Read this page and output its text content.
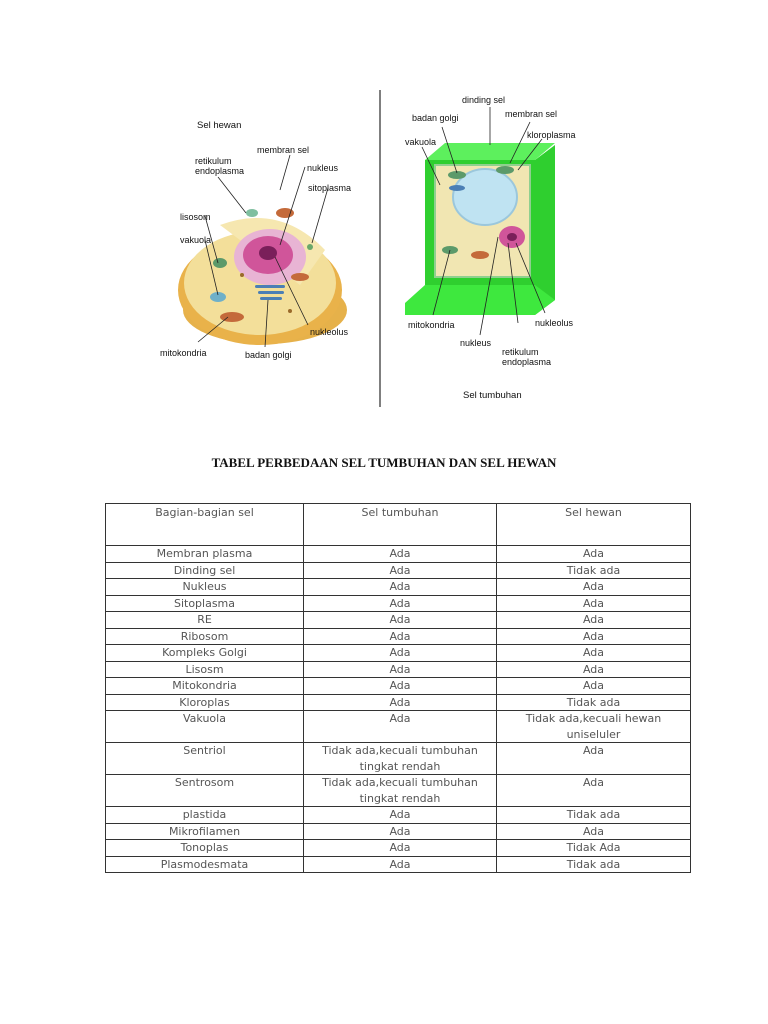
Sel hewan
membran sel
retikulum
endoplasma	nukleus
sitoplasma
lisosom
vakuola
nukleolus
mitokondria	badan golgi
dinding sel
badan golgi	membran sel
vakuola
kloroplasma
mitokondria	nukleolus
nukleus
retikulum
endoplasma
Sel tumbuhan
TABEL PERBEDAAN SEL TUMBUHAN DAN SEL HEWAN
Bagian-bagian sel	Sel tumbuhan	Sel hewan
Membran plasma	Ada	Ada
Dinding sel	Ada	Tidak ada
Nukleus	Ada	Ada
Sitoplasma	Ada	Ada
RE	Ada	Ada
Ribosom	Ada	Ada
Kompleks Golgi	Ada	Ada
Lisosm	Ada	Ada
Mitokondria	Ada	Ada
Kloroplas	Ada	Tidak ada
Vakuola	Ada	Tidak ada,kecuali hewan uniseluler
Sentriol	Tidak ada,kecuali tumbuhan tingkat rendah	Ada
Sentrosom	Tidak ada,kecuali tumbuhan tingkat rendah	Ada
plastida	Ada	Tidak ada
Mikrofilamen	Ada	Ada
Tonoplas	Ada	Tidak Ada
Plasmodesmata	Ada	Tidak ada
